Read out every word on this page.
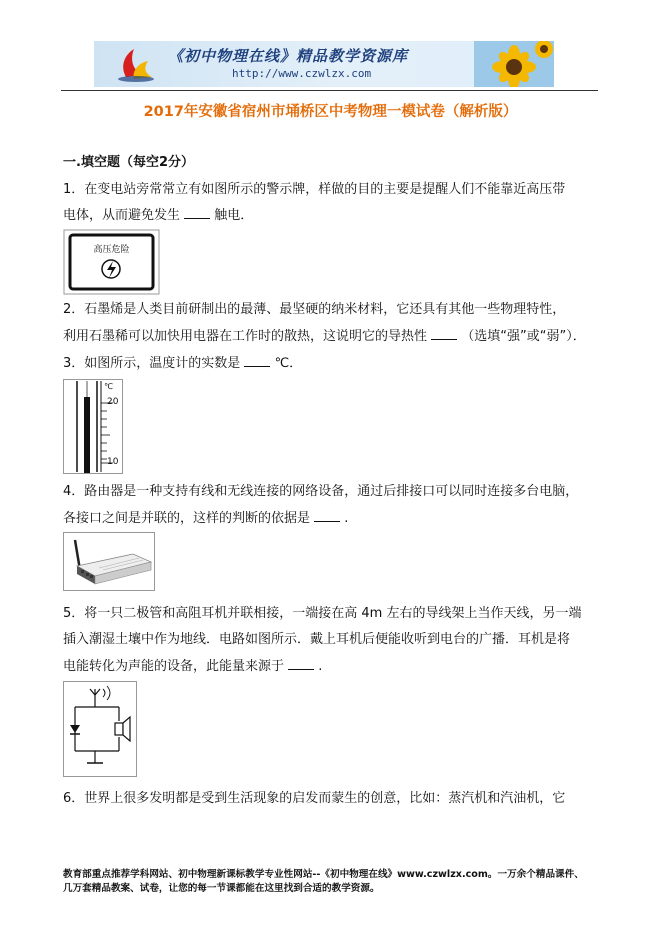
《初中物理在线》精品教学资源库
http://www.czwlzx.com
2017年安徽省宿州市埇桥区中考物理一模试卷（解析版）
一.填空题（每空2分）
1．在变电站旁常常立有如图所示的警示牌，样做的目的主要是提醒人们不能靠近高压带
电体，从而避免发生	触电．
高压危险
2．石墨烯是人类目前研制出的最薄、最坚硬的纳米材料，它还具有其他一些物理特性，
利用石墨稀可以加快用电器在工作时的散热，这说明它的导热性	（选填“强”或“弱”）．
3．如图所示，温度计的实数是	℃．
℃
20
10
4．路由器是一种支持有线和无线连接的网络设备，通过后排接口可以同时连接多台电脑，
各接口之间是并联的，这样的判断的依据是	.
5．将一只二极管和高阻耳机并联相接，一端接在高 4m 左右的导线架上当作天线，另一端
插入潮湿土壤中作为地线．电路如图所示．戴上耳机后便能收听到电台的广播．耳机是将
电能转化为声能的设备，此能量来源于	.
6．世界上很多发明都是受到生活现象的启发而蒙生的创意，比如：蒸汽机和汽油机，它
教育部重点推荐学科网站、初中物理新课标教学专业性网站--《初中物理在线》www.czwlzx.com。一万余个精品课件、
几万套精品教案、试卷，让您的每一节课都能在这里找到合适的教学资源。
